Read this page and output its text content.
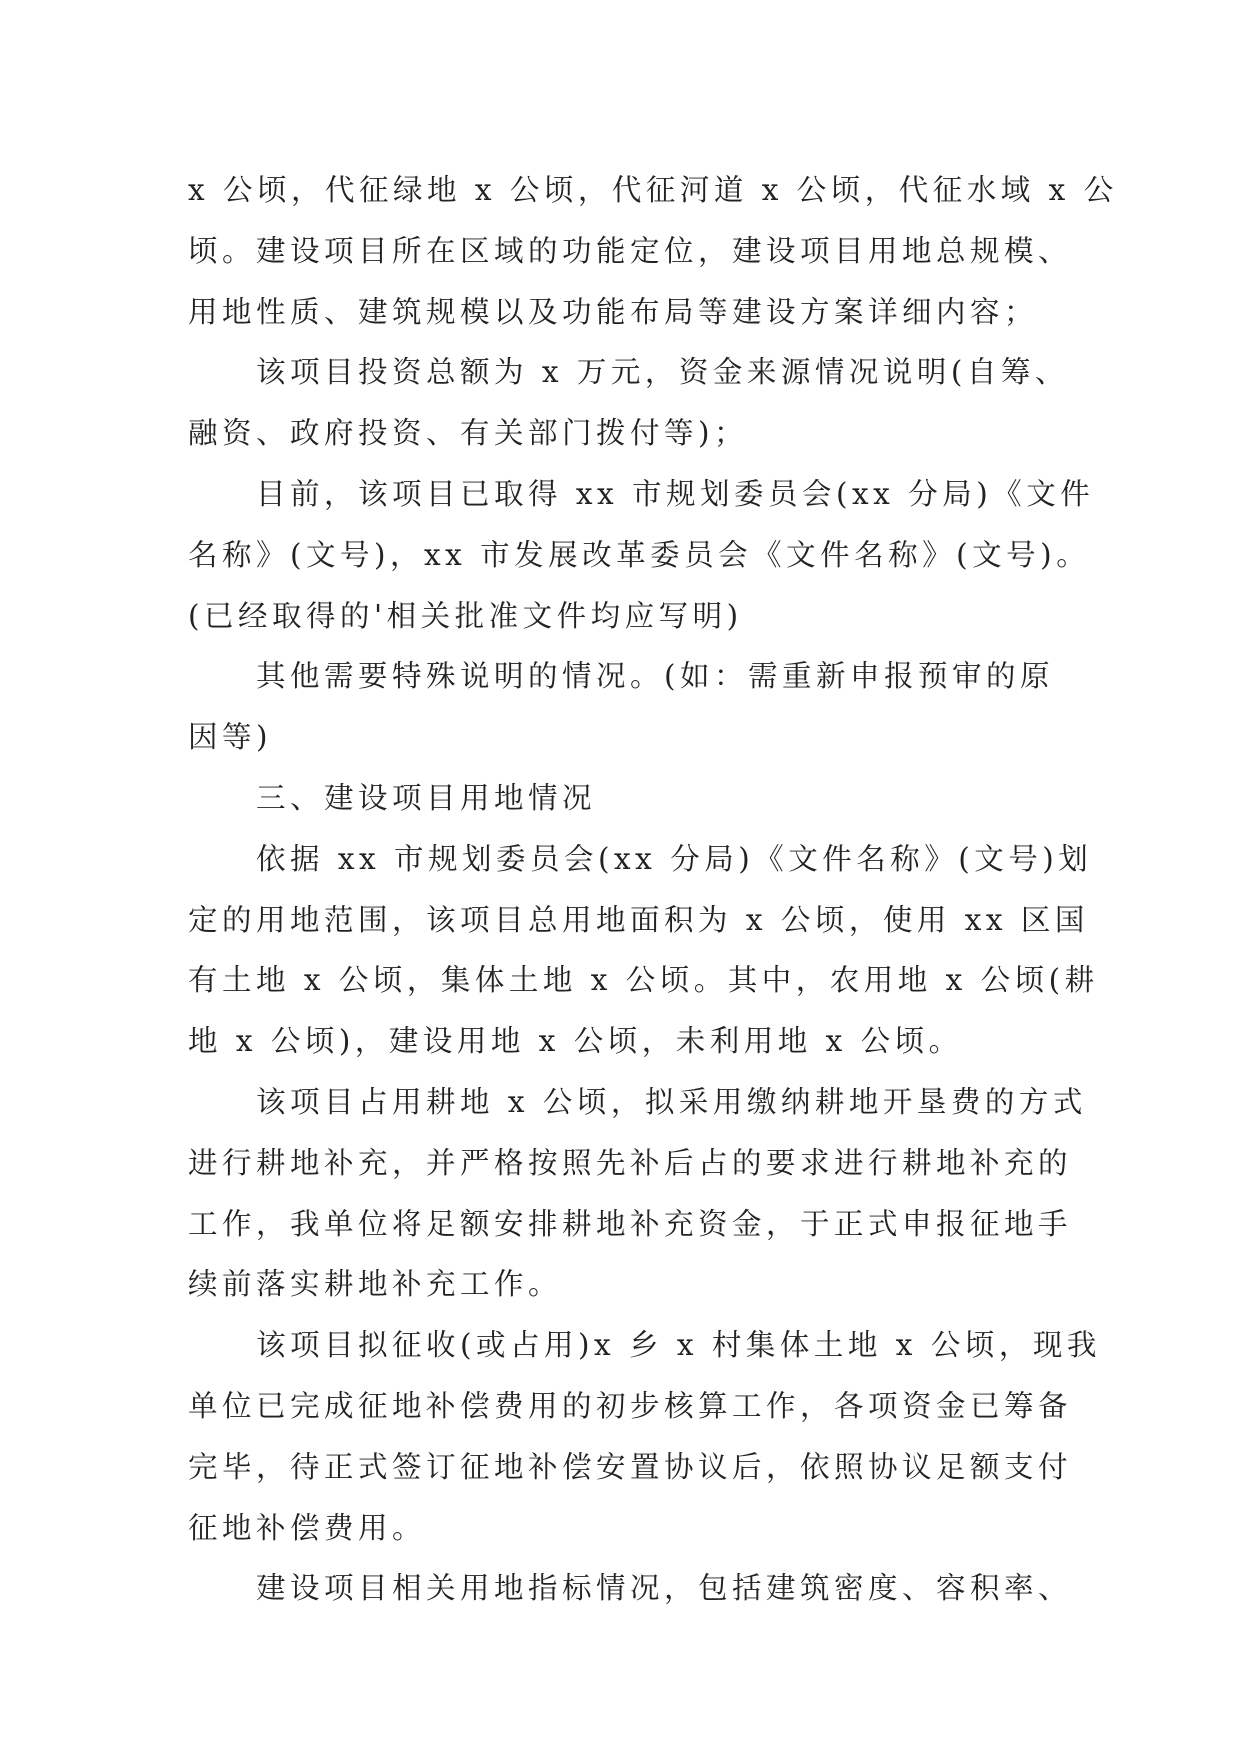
x 公顷，代征绿地 x 公顷，代征河道 x 公顷，代征水域 x 公
顷。建设项目所在区域的功能定位，建设项目用地总规模、
用地性质、建筑规模以及功能布局等建设方案详细内容；
　　该项目投资总额为 x 万元，资金来源情况说明(自筹、
融资、政府投资、有关部门拨付等)；
　　目前，该项目已取得 xx 市规划委员会(xx 分局)《文件
名称》(文号)，xx 市发展改革委员会《文件名称》(文号)。
(已经取得的'相关批准文件均应写明)
　　其他需要特殊说明的情况。(如：需重新申报预审的原
因等)
　　三、建设项目用地情况
　　依据 xx 市规划委员会(xx 分局)《文件名称》(文号)划
定的用地范围，该项目总用地面积为 x 公顷，使用 xx 区国
有土地 x 公顷，集体土地 x 公顷。其中，农用地 x 公顷(耕
地 x 公顷)，建设用地 x 公顷，未利用地 x 公顷。
　　该项目占用耕地 x 公顷，拟采用缴纳耕地开垦费的方式
进行耕地补充，并严格按照先补后占的要求进行耕地补充的
工作，我单位将足额安排耕地补充资金，于正式申报征地手
续前落实耕地补充工作。
　　该项目拟征收(或占用)x 乡 x 村集体土地 x 公顷，现我
单位已完成征地补偿费用的初步核算工作，各项资金已筹备
完毕，待正式签订征地补偿安置协议后，依照协议足额支付
征地补偿费用。
　　建设项目相关用地指标情况，包括建筑密度、容积率、
